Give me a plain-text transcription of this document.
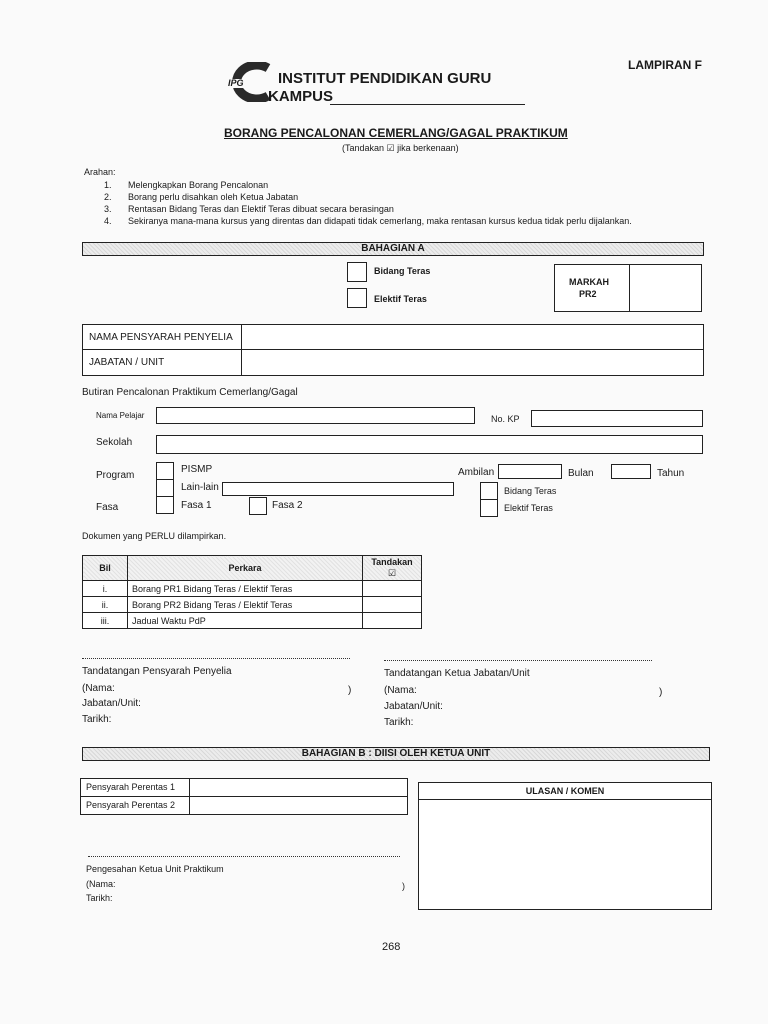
LAMPIRAN F
IPG INSTITUT PENDIDIKAN GURU
KAMPUS
BORANG PENCALONAN CEMERLANG/GAGAL PRAKTIKUM
(Tandakan ☑ jika berkenaan)
Arahan:
1. Melengkapkan Borang Pencalonan
2. Borang perlu disahkan oleh Ketua Jabatan
3. Rentasan Bidang Teras dan Elektif Teras dibuat secara berasingan
4. Sekiranya mana-mana kursus yang direntas dan didapati tidak cemerlang, maka rentasan kursus kedua tidak perlu dijalankan.
BAHAGIAN A
Bidang Teras
Elektif Teras
MARKAH
PR2
NAMA PENSYARAH PENYELIA
JABATAN / UNIT
Butiran Pencalonan Praktikum Cemerlang/Gagal
Nama Pelajar	No. KP
Sekolah
Program
PISMP
Lain-lain
Ambilan	Bulan	Tahun
Bidang Teras
Elektif Teras
Fasa	Fasa 1	Fasa 2
Dokumen yang PERLU dilampirkan.
Bil	Perkara	Tandakan
☑
i.	Borang PR1 Bidang Teras / Elektif Teras	
ii.	Borang PR2 Bidang Teras / Elektif Teras	
iii.	Jadual Waktu PdP	
Tandatangan Pensyarah Penyelia
(Nama:	)
Jabatan/Unit:
Tarikh:
Tandatangan Ketua Jabatan/Unit
(Nama:	)
Jabatan/Unit:
Tarikh:
BAHAGIAN B : DIISI OLEH KETUA UNIT
Pensyarah Perentas 1
Pensyarah Perentas 2
ULASAN / KOMEN
Pengesahan Ketua Unit Praktikum
(Nama:	)
Tarikh:
268
